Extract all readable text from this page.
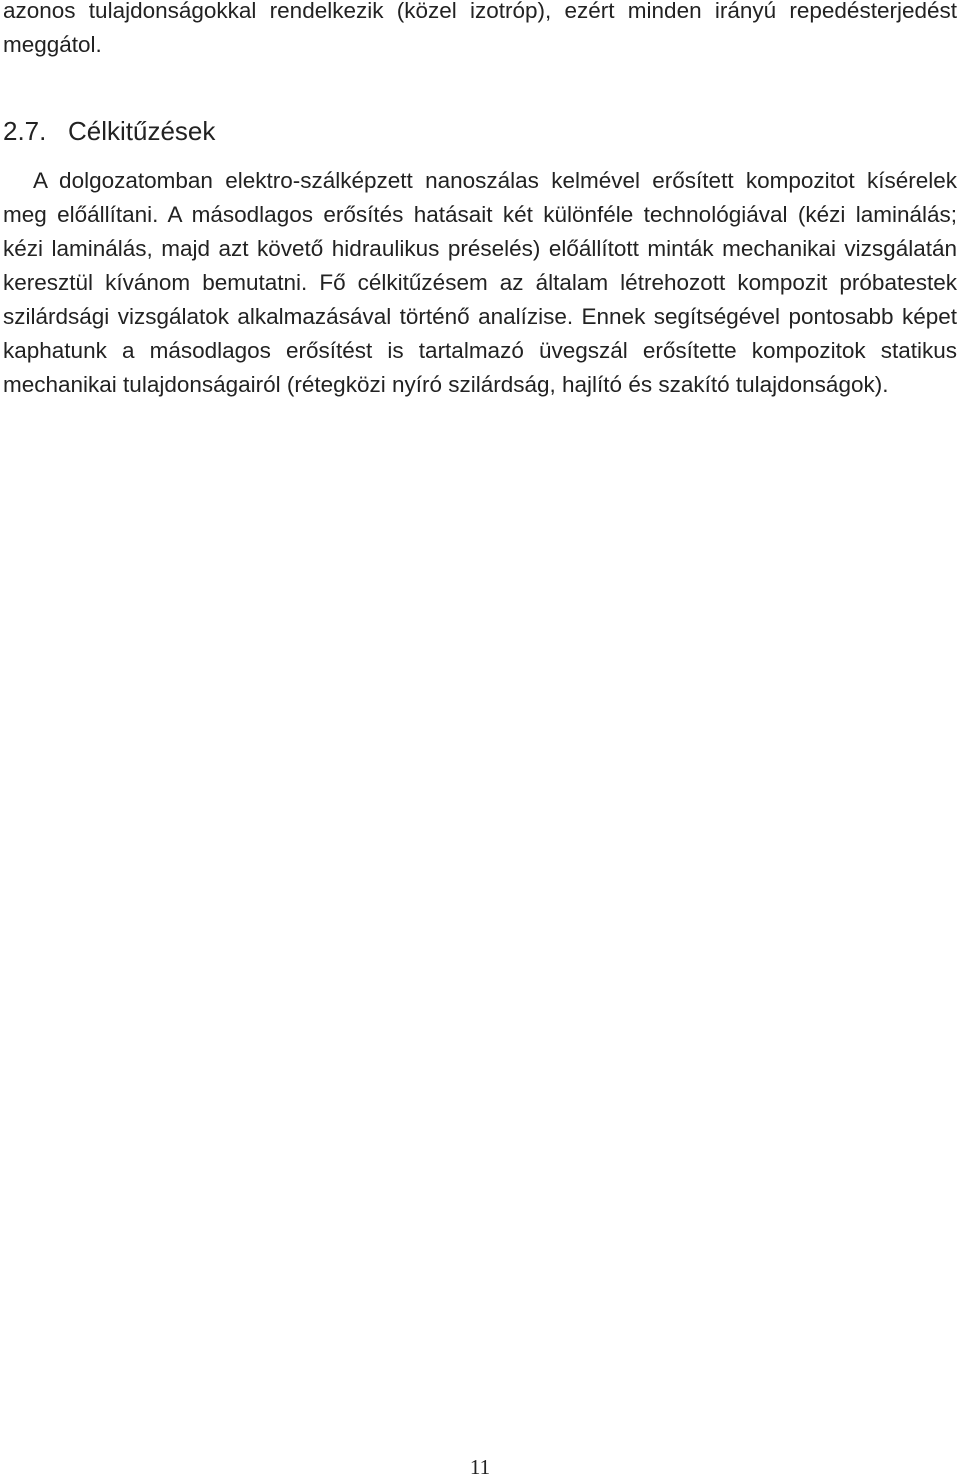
azonos tulajdonságokkal rendelkezik (közel izotróp), ezért minden irányú repedésterjedést meggátol.
2.7. Célkitűzések

A dolgozatomban elektro-szálképzett nanoszálas kelmével erősített kompozitot kísérelek meg előállítani. A másodlagos erősítés hatásait két különféle technológiával (kézi laminálás; kézi laminálás, majd azt követő hidraulikus préselés) előállított minták mechanikai vizsgálatán keresztül kívánom bemutatni. Fő célkitűzésem az általam létrehozott kompozit próbatestek szilárdsági vizsgálatok alkalmazásával történő analízise. Ennek segítségével pontosabb képet kaphatunk a másodlagos erősítést is tartalmazó üvegszál erősítette kompozitok statikus mechanikai tulajdonságairól (rétegközi nyíró szilárdság, hajlító és szakító tulajdonságok).

11
